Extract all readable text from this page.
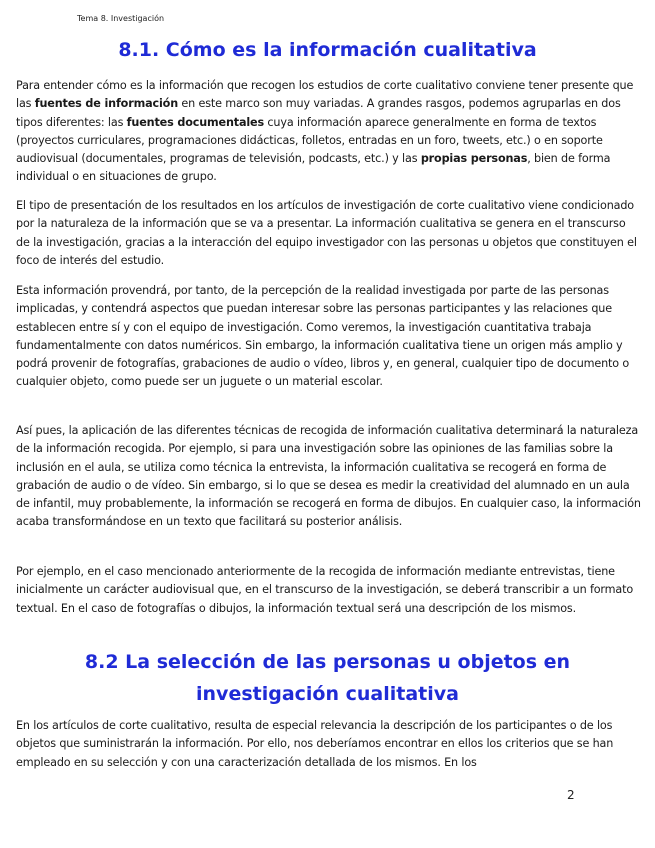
Tema 8. Investigación
8.1. Cómo es la información cualitativa

Para entender cómo es la información que recogen los estudios de corte cualitativo conviene tener presente que las fuentes de información en este marco son muy variadas. A grandes rasgos, podemos agruparlas en dos tipos diferentes: las fuentes documentales cuya información aparece generalmente en forma de textos (proyectos curriculares, programaciones didácticas, folletos, entradas en un foro, tweets, etc.) o en soporte audiovisual (documentales, programas de televisión, podcasts, etc.) y las propias personas, bien de forma individual o en situaciones de grupo.

El tipo de presentación de los resultados en los artículos de investigación de corte cualitativo viene condicionado por la naturaleza de la información que se va a presentar. La información cualitativa se genera en el transcurso de la investigación, gracias a la interacción del equipo investigador con las personas u objetos que constituyen el foco de interés del estudio.

Esta información provendrá, por tanto, de la percepción de la realidad investigada por parte de las personas implicadas, y contendrá aspectos que puedan interesar sobre las personas participantes y las relaciones que establecen entre sí y con el equipo de investigación. Como veremos, la investigación cuantitativa trabaja fundamentalmente con datos numéricos. Sin embargo, la información cualitativa tiene un origen más amplio y podrá provenir de fotografías, grabaciones de audio o vídeo, libros y, en general, cualquier tipo de documento o cualquier objeto, como puede ser un juguete o un material escolar.

Así pues, la aplicación de las diferentes técnicas de recogida de información cualitativa determinará la naturaleza de la información recogida. Por ejemplo, si para una investigación sobre las opiniones de las familias sobre la inclusión en el aula, se utiliza como técnica la entrevista, la información cualitativa se recogerá en forma de grabación de audio o de vídeo. Sin embargo, si lo que se desea es medir la creatividad del alumnado en un aula de infantil, muy probablemente, la información se recogerá en forma de dibujos. En cualquier caso, la información acaba transformándose en un texto que facilitará su posterior análisis.

Por ejemplo, en el caso mencionado anteriormente de la recogida de información mediante entrevistas, tiene inicialmente un carácter audiovisual que, en el transcurso de la investigación, se deberá transcribir a un formato textual. En el caso de fotografías o dibujos, la información textual será una descripción de los mismos.

8.2 La selección de las personas u objetos en investigación cualitativa

En los artículos de corte cualitativo, resulta de especial relevancia la descripción de los participantes o de los objetos que suministrarán la información. Por ello, nos deberíamos encontrar en ellos los criterios que se han empleado en su selección y con una caracterización detallada de los mismos. En los

2
